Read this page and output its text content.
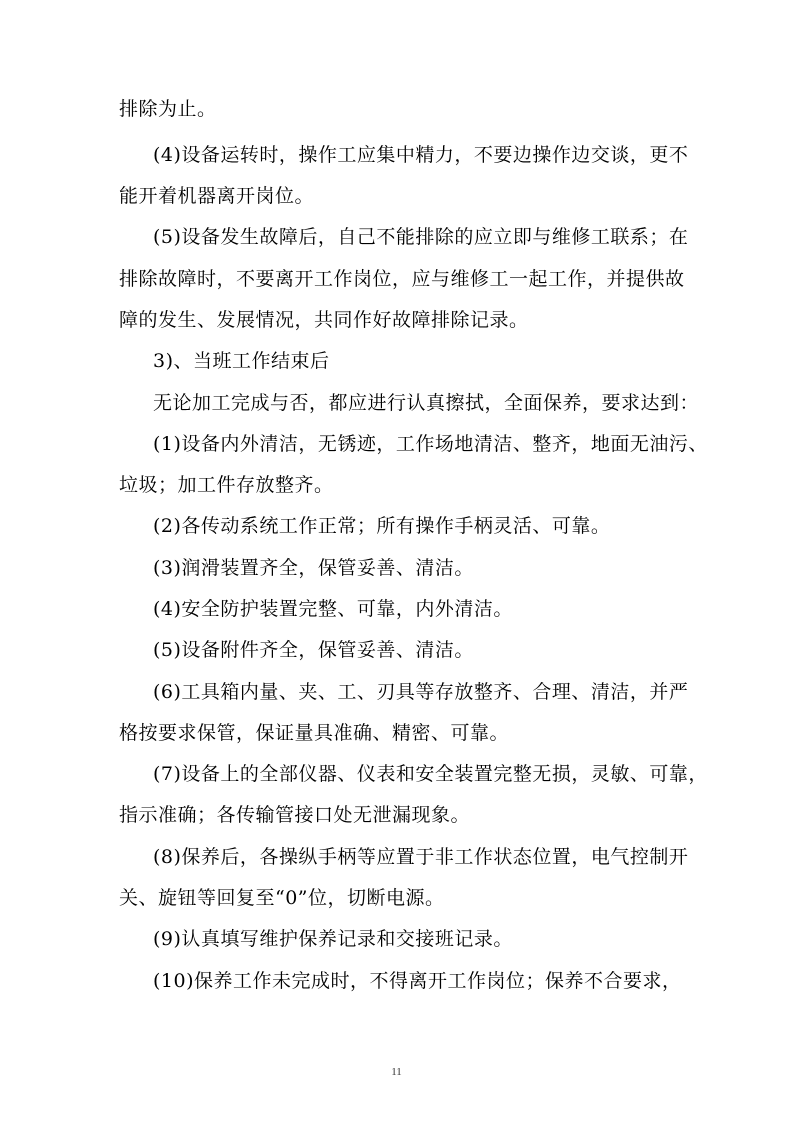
排除为止。
(4)设备运转时，操作工应集中精力，不要边操作边交谈，更不
能开着机器离开岗位。
(5)设备发生故障后，自己不能排除的应立即与维修工联系；在
排除故障时，不要离开工作岗位，应与维修工一起工作，并提供故
障的发生、发展情况，共同作好故障排除记录。
3)、当班工作结束后
无论加工完成与否，都应进行认真擦拭，全面保养，要求达到：
(1)设备内外清洁，无锈迹，工作场地清洁、整齐，地面无油污、
垃圾；加工件存放整齐。
(2)各传动系统工作正常；所有操作手柄灵活、可靠。
(3)润滑装置齐全，保管妥善、清洁。
(4)安全防护装置完整、可靠，内外清洁。
(5)设备附件齐全，保管妥善、清洁。
(6)工具箱内量、夹、工、刃具等存放整齐、合理、清洁，并严
格按要求保管，保证量具准确、精密、可靠。
(7)设备上的全部仪器、仪表和安全装置完整无损，灵敏、可靠，
指示准确；各传输管接口处无泄漏现象。
(8)保养后，各操纵手柄等应置于非工作状态位置，电气控制开
关、旋钮等回复至“0”位，切断电源。
(9)认真填写维护保养记录和交接班记录。
(10)保养工作未完成时，不得离开工作岗位；保养不合要求，
11
